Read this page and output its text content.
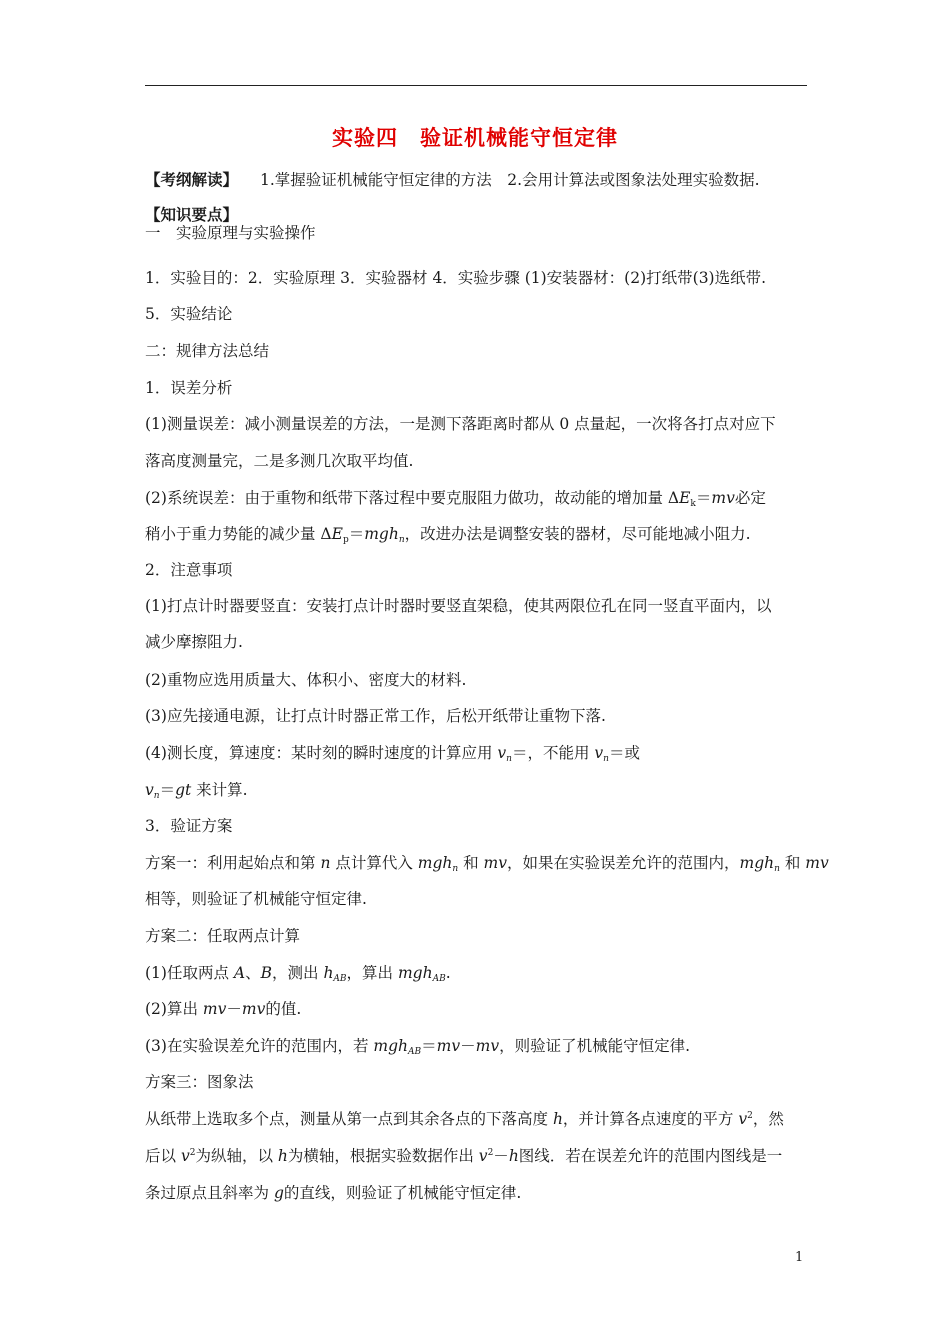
实验四　验证机械能守恒定律
【考纲解读】 1.掌握验证机械能守恒定律的方法　2.会用计算法或图象法处理实验数据.
【知识要点】
一　实验原理与实验操作
1．实验目的：2．实验原理 3．实验器材 4．实验步骤 (1)安装器材：(2)打纸带(3)选纸带.
5．实验结论
二：规律方法总结
1．误差分析
(1)测量误差：减小测量误差的方法，一是测下落距离时都从 0 点量起，一次将各打点对应下
落高度测量完，二是多测几次取平均值.
(2)系统误差：由于重物和纸带下落过程中要克服阻力做功，故动能的增加量 $\Delta E_k=mv$必定
稍小于重力势能的减少量 $\Delta E_p=mgh_n$，改进办法是调整安装的器材，尽可能地减小阻力.
2．注意事项
(1)打点计时器要竖直：安装打点计时器时要竖直架稳，使其两限位孔在同一竖直平面内，以
减少摩擦阻力.
(2)重物应选用质量大、体积小、密度大的材料.
(3)应先接通电源，让打点计时器正常工作，后松开纸带让重物下落.
(4)测长度，算速度：某时刻的瞬时速度的计算应用 $v_n=$，不能用 $v_n=$或
$v_n=gt$ 来计算.
3．验证方案
方案一：利用起始点和第 n 点计算代入 mgh$_n$ 和 mv，如果在实验误差允许的范围内，mgh$_n$ 和 mv
相等，则验证了机械能守恒定律.
方案二：任取两点计算
(1)任取两点 A、B，测出 $h_{AB}$，算出 mgh$_{AB}$.
(2)算出 mv－mv的值.
(3)在实验误差允许的范围内，若 mgh$_{AB}$＝mv－mv，则验证了机械能守恒定律.
方案三：图象法
从纸带上选取多个点，测量从第一点到其余各点的下落高度 h，并计算各点速度的平方 $v^2$，然
后以 $v^2$为纵轴，以 h为横轴，根据实验数据作出 $v^2-h$图线．若在误差允许的范围内图线是一
条过原点且斜率为 g的直线，则验证了机械能守恒定律.
1
